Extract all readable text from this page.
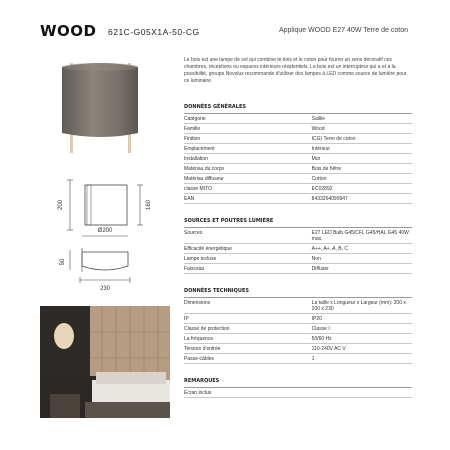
WOOD 621C-G05X1A-50-CG	Applique WOOD E27 40W Terre de coton
200	160
Ø200
50
230

Le bois est une lampe de sol qui combine le bois et le coton pour fournir un sens décoratif ces chambres, réceptions ou espaces intérieurs résidentiels. Le bois est un interrupteur qui a et a la possibilité, groupe Novolux recommande d'utiliser des lampes à LED comme source de lumière pour ce luminaire.

DONNÉES GÉNÉRALES

Catégorie	Saillie
Famille	Wood
Finition	ICG) Terre de coton
Emplacement	Intérieur
Installation	Mur
Matériau du corps	Bois de hêtre
Matériau diffuseur	Cotton
classe MITO	EC02892
EAN	8433264099947

SOURCES ET POUTRES LUMIÈRE

Sources	E27 LED Bulb G45/CFL G45/HAL G45 40W max.
Efficacité énergétique	A++, A+, A, B, C
Lampe incluse	Non
Faisceau	Diffuser

DONNÉES TECHNIQUES

Dimensions	La taille x Longueur x Largeur (mm): 200 x 200 x 230
IP	IP20
Classe de protection	Classe I
La fréquence	50/60 Hz
Tension d'entrée	110-240V AC V
Passe-câbles	1

REMARQUES

Écran inclus	
